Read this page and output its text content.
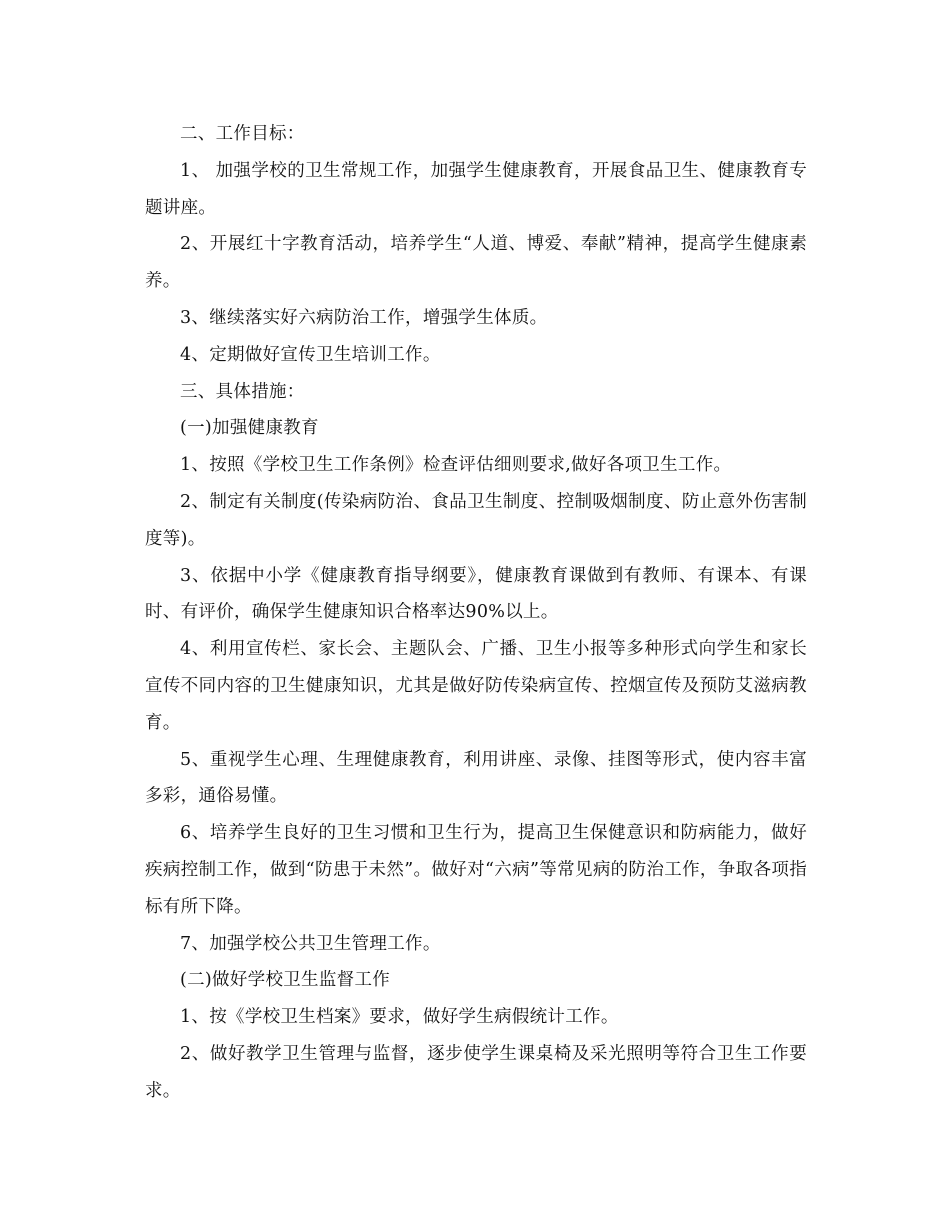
二、工作目标：

1、 加强学校的卫生常规工作，加强学生健康教育，开展食品卫生、健康教育专题讲座。

2、开展红十字教育活动，培养学生“人道、博爱、奉献”精神，提高学生健康素养。

3、继续落实好六病防治工作，增强学生体质。

4、定期做好宣传卫生培训工作。

三、具体措施：

(一)加强健康教育

1、按照《学校卫生工作条例》检查评估细则要求,做好各项卫生工作。

2、制定有关制度(传染病防治、食品卫生制度、控制吸烟制度、防止意外伤害制度等)。

3、依据中小学《健康教育指导纲要》，健康教育课做到有教师、有课本、有课时、有评价，确保学生健康知识合格率达90%以上。

4、利用宣传栏、家长会、主题队会、广播、卫生小报等多种形式向学生和家长宣传不同内容的卫生健康知识，尤其是做好防传染病宣传、控烟宣传及预防艾滋病教育。

5、重视学生心理、生理健康教育，利用讲座、录像、挂图等形式，使内容丰富多彩，通俗易懂。

6、培养学生良好的卫生习惯和卫生行为，提高卫生保健意识和防病能力，做好疾病控制工作，做到“防患于未然”。做好对“六病”等常见病的防治工作，争取各项指标有所下降。

7、加强学校公共卫生管理工作。

(二)做好学校卫生监督工作

1、按《学校卫生档案》要求，做好学生病假统计工作。

2、做好教学卫生管理与监督，逐步使学生课桌椅及采光照明等符合卫生工作要求。
